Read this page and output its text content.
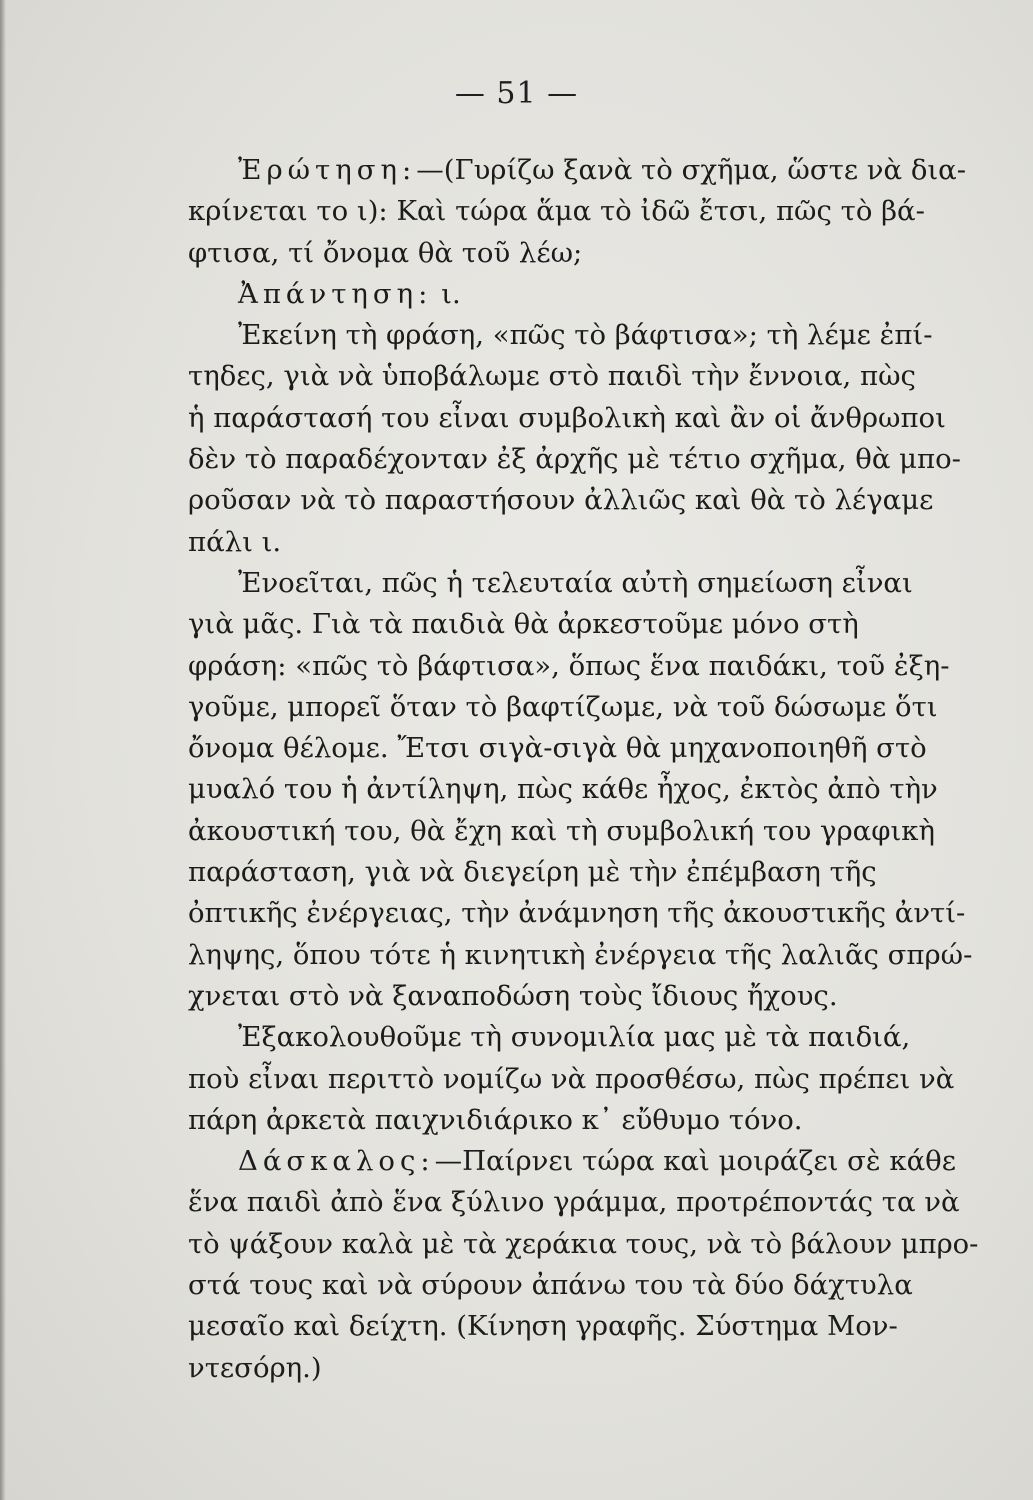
— 51 —
Ἐρώτηση:—(Γυρίζω ξανὰ τὸ σχῆμα, ὥστε νὰ δια-
κρίνεται το ι): Καὶ τώρα ἅμα τὸ ἰδῶ ἔτσι, πῶς τὸ βά-
φτισα, τί ὄνομα θὰ τοῦ λέω;
Ἀπάντηση: ι.
Ἐκείνη τὴ φράση, «πῶς τὸ βάφτισα»; τὴ λέμε ἐπί-
τηδες, γιὰ νὰ ὑποβάλωμε στὸ παιδὶ τὴν ἔννοια, πὼς
ἡ παράστασή του εἶναι συμβολικὴ καὶ ἂν οἱ ἄνθρωποι
δὲν τὸ παραδέχονταν ἐξ ἀρχῆς μὲ τέτιο σχῆμα, θὰ μπο-
ροῦσαν νὰ τὸ παραστήσουν ἀλλιῶς καὶ θὰ τὸ λέγαμε
πάλι ι.
Ἐνοεῖται, πῶς ἡ τελευταία αὐτὴ σημείωση εἶναι
γιὰ μᾶς. Γιὰ τὰ παιδιὰ θὰ ἀρκεστοῦμε μόνο στὴ
φράση: «πῶς τὸ βάφτισα», ὅπως ἕνα παιδάκι, τοῦ ἐξη-
γοῦμε, μπορεῖ ὅταν τὸ βαφτίζωμε, νὰ τοῦ δώσωμε ὅτι
ὄνομα θέλομε. Ἔτσι σιγὰ-σιγὰ θὰ μηχανοποιηθῆ στὸ
μυαλό του ἡ ἀντίληψη, πὼς κάθε ἦχος, ἐκτὸς ἀπὸ τὴν
ἀκουστική του, θὰ ἔχη καὶ τὴ συμβολική του γραφικὴ
παράσταση, γιὰ νὰ διεγείρη μὲ τὴν ἐπέμβαση τῆς
ὀπτικῆς ἐνέργειας, τὴν ἀνάμνηση τῆς ἀκουστικῆς ἀντί-
ληψης, ὅπου τότε ἡ κινητικὴ ἐνέργεια τῆς λαλιᾶς σπρώ-
χνεται στὸ νὰ ξαναποδώση τοὺς ἴδιους ἤχους.
Ἐξακολουθοῦμε τὴ συνομιλία μας μὲ τὰ παιδιά,
ποὺ εἶναι περιττὸ νομίζω νὰ προσθέσω, πὼς πρέπει νὰ
πάρη ἀρκετὰ παιχνιδιάρικο κ᾿ εὔθυμο τόνο.
Δάσκαλος:—Παίρνει τώρα καὶ μοιράζει σὲ κάθε
ἕνα παιδὶ ἀπὸ ἕνα ξύλινο γράμμα, προτρέποντάς τα νὰ
τὸ ψάξουν καλὰ μὲ τὰ χεράκια τους, νὰ τὸ βάλουν μπρο-
στά τους καὶ νὰ σύρουν ἀπάνω του τὰ δύο δάχτυλα
μεσαῖο καὶ δείχτη. (Κίνηση γραφῆς. Σύστημα Μον-
ντεσόρη.)
